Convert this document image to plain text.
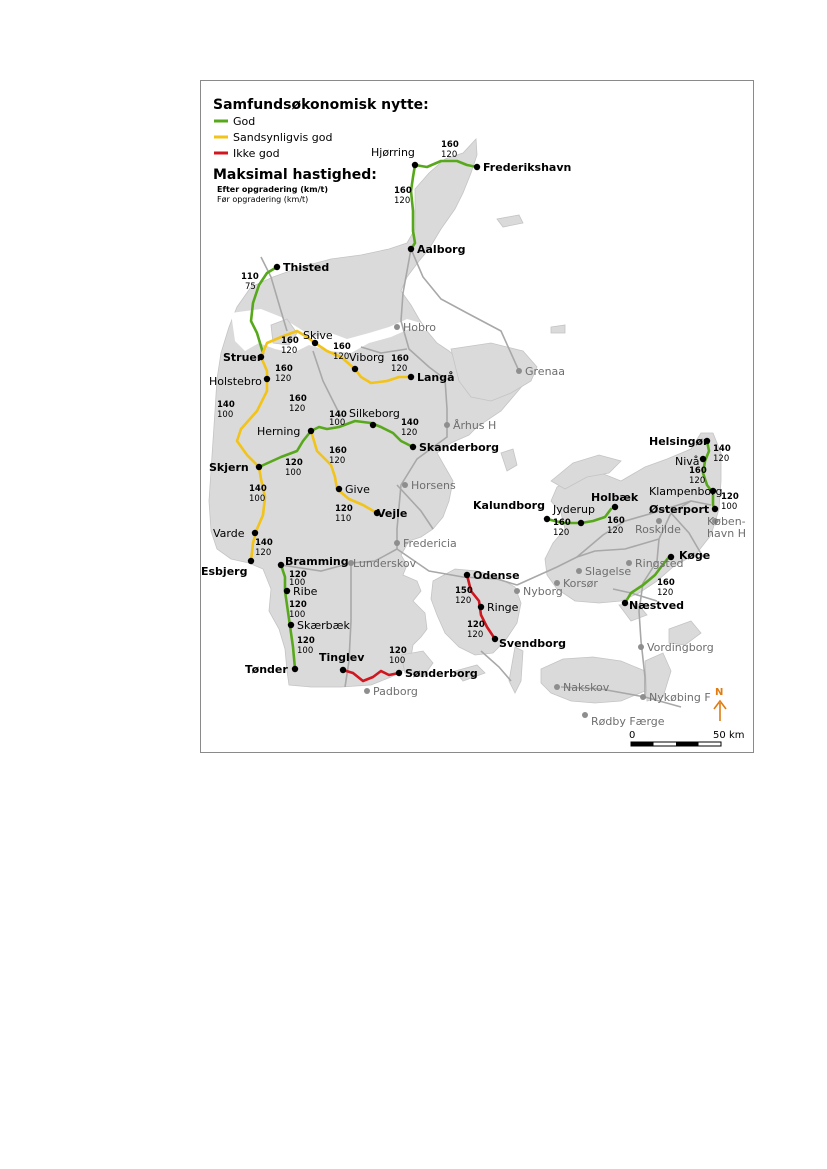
Samfundsøkonomisk nytte:
God
Sandsynligvis god
Ikke god
Maksimal hastighed:
Efter opgradering (km/t)
Før opgradering (km/t)
Frederikshavn
Aalborg
Thisted
Struer
Langå
Skjern
Skanderborg
Vejle
Bramming
Esbjerg
Tønder
Tinglev
Sønderborg
Odense
Svendborg
Kalundborg
Holbæk
Helsingør
Østerport
Køge
Næstved
Hjørring
Skive
Viborg
Holstebro
Herning
Silkeborg
Give
Varde
Ribe
Skærbæk
Ringe
Jyderup
Nivå
Klampenborg
Hobro
Grenaa
Århus H
Horsens
Fredericia
Lunderskov
Padborg
Nyborg
Korsør
Slagelse
Ringsted
Roskilde
Køben-
havn H
Vordingborg
Nakskov
Nykøbing F
Rødby Færge
160
120
160
120
110
75
160
120	160
120	160
120
160
120
160
120
140
100
140
100
140
120
160
120
120
100
140
100
120
110
140
120
120
100
120
100
120
100	120
100
150
120
120
120
160
120
160
120
140
120
160
120
120
100
160
120
N
0	50 km
